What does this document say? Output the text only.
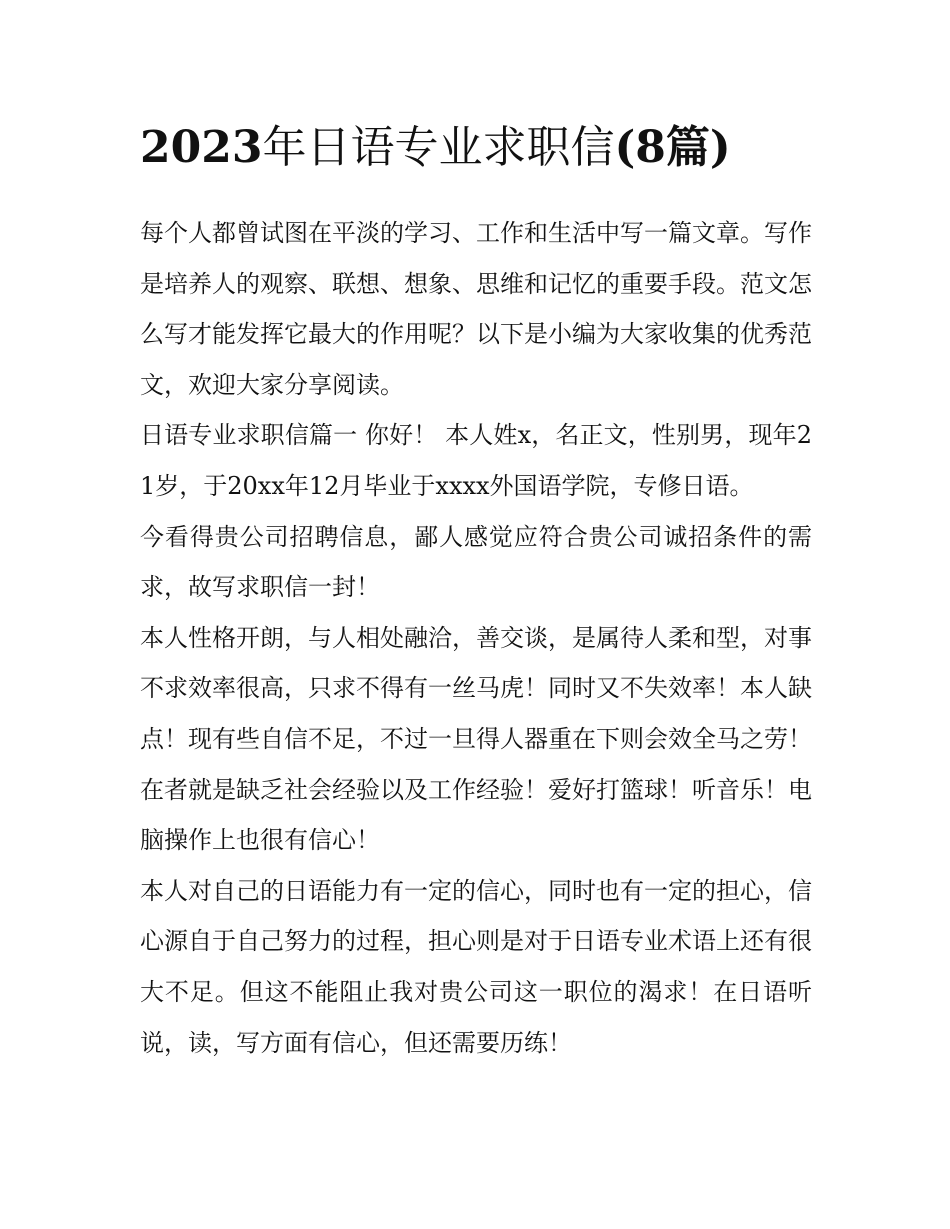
2023年日语专业求职信(8篇)

每个人都曾试图在平淡的学习、工作和生活中写一篇文章。写作是培养人的观察、联想、想象、思维和记忆的重要手段。范文怎么写才能发挥它最大的作用呢？以下是小编为大家收集的优秀范文，欢迎大家分享阅读。

日语专业求职信篇一 你好！ 本人姓x，名正文，性别男，现年21岁，于20xx年12月毕业于xxxx外国语学院，专修日语。

今看得贵公司招聘信息，鄙人感觉应符合贵公司诚招条件的需求，故写求职信一封！

本人性格开朗，与人相处融洽，善交谈，是属待人柔和型，对事不求效率很高，只求不得有一丝马虎！同时又不失效率！本人缺点！现有些自信不足，不过一旦得人器重在下则会效全马之劳！在者就是缺乏社会经验以及工作经验！爱好打篮球！听音乐！电脑操作上也很有信心！

本人对自己的日语能力有一定的信心，同时也有一定的担心，信心源自于自己努力的过程，担心则是对于日语专业术语上还有很大不足。但这不能阻止我对贵公司这一职位的渴求！在日语听说，读，写方面有信心，但还需要历练！
